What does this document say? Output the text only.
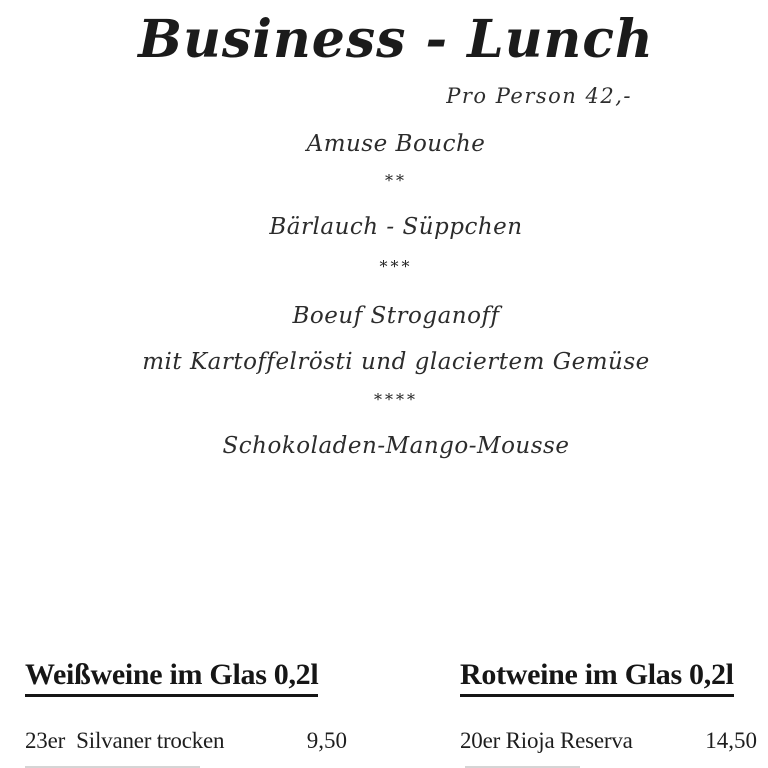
Business - Lunch
Pro Person 42,-
Amuse Bouche
**
Bärlauch - Süppchen
***
Boeuf Stroganoff
mit Kartoffelrösti und glaciertem Gemüse
****
Schokoladen-Mango-Mousse
Weißweine im Glas 0,2l
23er  Silvaner trocken	9,50
Rotweine im Glas 0,2l
20er Rioja Reserva	14,50
